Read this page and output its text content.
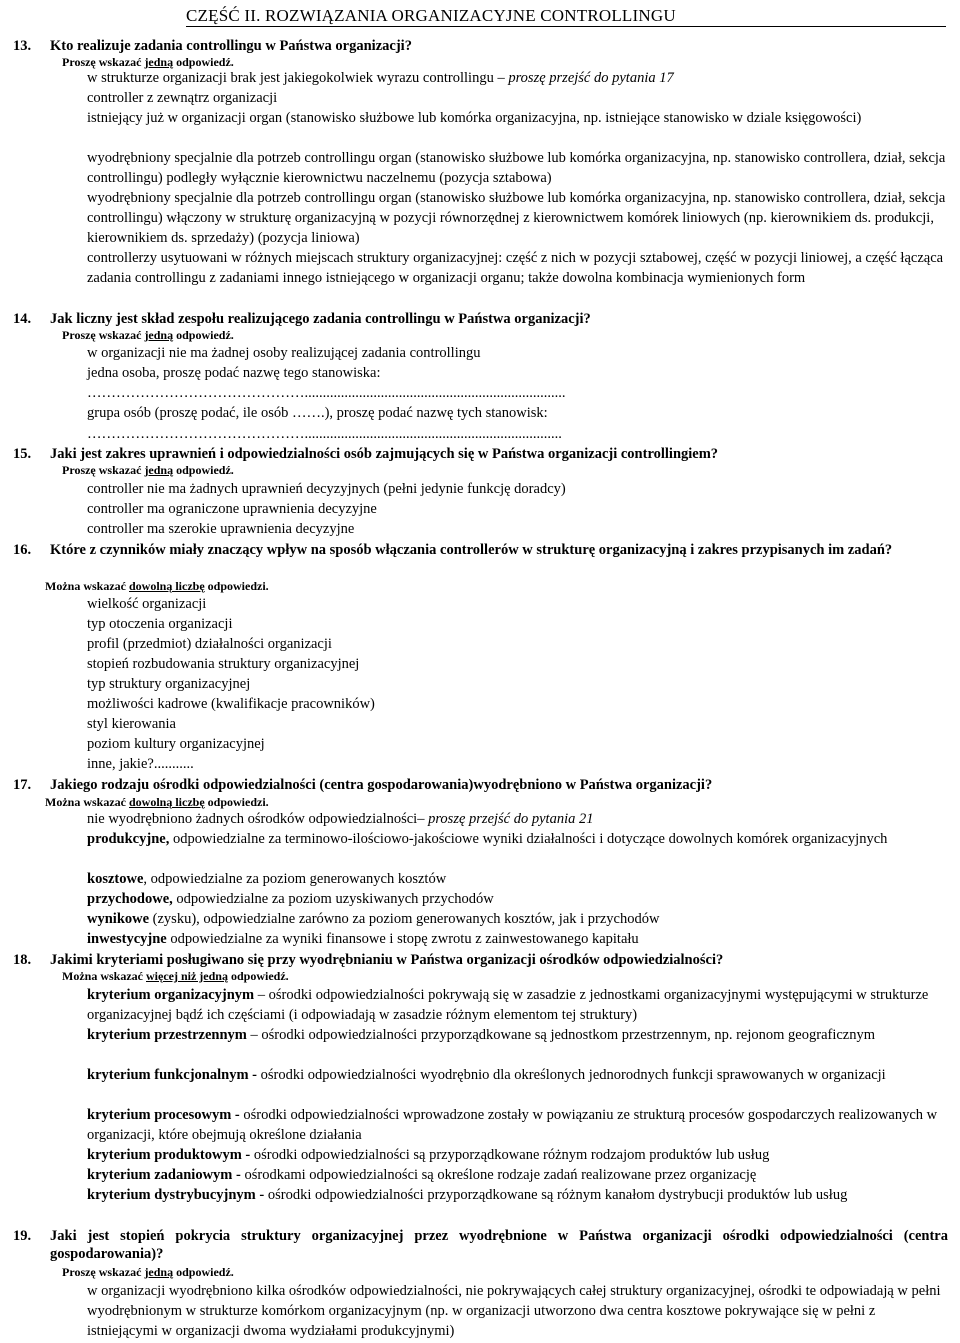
CZĘŚĆ II. ROZWIĄZANIA ORGANIZACYJNE CONTROLLINGU
13. Kto realizuje zadania controllingu w Państwa organizacji?
Proszę wskazać jedną odpowiedź.
w strukturze organizacji brak jest jakiegokolwiek wyrazu controllingu – proszę przejść do pytania 17
controller z zewnątrz organizacji
istniejący już w organizacji organ (stanowisko służbowe lub komórka organizacyjna, np. istniejące stanowisko w dziale księgowości)
wyodrębniony specjalnie dla potrzeb controllingu organ (stanowisko służbowe lub komórka organizacyjna, np. stanowisko controllera, dział, sekcja controllingu) podległy wyłącznie kierownictwu naczelnemu (pozycja sztabowa)
wyodrębniony specjalnie dla potrzeb controllingu organ (stanowisko służbowe lub komórka organizacyjna, np. stanowisko controllera, dział, sekcja controllingu) włączony w strukturę organizacyjną w pozycji równorzędnej z kierownictwem komórek liniowych (np. kierownikiem ds. produkcji, kierownikiem ds. sprzedaży) (pozycja liniowa)
controllerzy usytuowani w różnych miejscach struktury organizacyjnej: część z nich w pozycji sztabowej, część w pozycji liniowej, a część łącząca zadania controllingu z zadaniami innego istniejącego w organizacji organu; także dowolna kombinacja wymienionych form
14. Jak liczny jest skład zespołu realizującego zadania controllingu w Państwa organizacji?
Proszę wskazać jedną odpowiedź.
w organizacji nie ma żadnej osoby realizującej zadania controllingu
jedna osoba, proszę podać nazwę tego stanowiska:
………………………………………........................................................................
grupa osób (proszę podać, ile osób …….), proszę podać nazwę tych stanowisk:
……………………………………….......................................................................
15. Jaki jest zakres uprawnień i odpowiedzialności osób zajmujących się w Państwa organizacji controllingiem?
Proszę wskazać jedną odpowiedź.
controller nie ma żadnych uprawnień decyzyjnych (pełni jedynie funkcję doradcy)
controller ma ograniczone uprawnienia decyzyjne
controller ma szerokie uprawnienia decyzyjne
16. Które z czynników miały znaczący wpływ na sposób włączania controllerów w strukturę organizacyjną i zakres przypisanych im zadań?
Można wskazać dowolną liczbę odpowiedzi.
wielkość organizacji
typ otoczenia organizacji
profil (przedmiot) działalności organizacji
stopień rozbudowania struktury organizacyjnej
typ struktury organizacyjnej
możliwości kadrowe (kwalifikacje pracowników)
styl kierowania
poziom kultury organizacyjnej
inne, jakie?...........
17. Jakiego rodzaju ośrodki odpowiedzialności (centra gospodarowania)wyodrębniono w Państwa organizacji?
Można wskazać dowolną liczbę odpowiedzi.
nie wyodrębniono żadnych ośrodków odpowiedzialności– proszę przejść do pytania 21
produkcyjne, odpowiedzialne za terminowo-ilościowo-jakościowe wyniki działalności i dotyczące dowolnych komórek organizacyjnych
kosztowe, odpowiedzialne za poziom generowanych kosztów
przychodowe, odpowiedzialne za poziom uzyskiwanych przychodów
wynikowe (zysku), odpowiedzialne zarówno za poziom generowanych kosztów, jak i przychodów
inwestycyjne odpowiedzialne za wyniki finansowe i stopę zwrotu z zainwestowanego kapitału
18. Jakimi kryteriami posługiwano się przy wyodrębnianiu w Państwa organizacji ośrodków odpowiedzialności?
Można wskazać więcej niż jedną odpowiedź.
kryterium organizacyjnym – ośrodki odpowiedzialności pokrywają się w zasadzie z jednostkami organizacyjnymi występującymi w strukturze organizacyjnej bądź ich częściami (i odpowiadają w zasadzie różnym elementom tej struktury)
kryterium przestrzennym – ośrodki odpowiedzialności przyporządkowane są jednostkom przestrzennym, np. rejonom geograficznym
kryterium funkcjonalnym - ośrodki odpowiedzialności wyodrębnio dla określonych jednorodnych funkcji sprawowanych w organizacji
kryterium procesowym - ośrodki odpowiedzialności wprowadzone zostały w powiązaniu ze strukturą procesów gospodarczych realizowanych w organizacji, które obejmują określone działania
kryterium produktowym - ośrodki odpowiedzialności są przyporządkowane różnym rodzajom produktów lub usług
kryterium zadaniowym - ośrodkami odpowiedzialności są określone rodzaje zadań realizowane przez organizację
kryterium dystrybucyjnym - ośrodki odpowiedzialności przyporządkowane są różnym kanałom dystrybucji produktów lub usług
19. Jaki jest stopień pokrycia struktury organizacyjnej przez wyodrębnione w Państwa organizacji ośrodki odpowiedzialności (centra gospodarowania)?
Proszę wskazać jedną odpowiedź.
w organizacji wyodrębniono kilka ośrodków odpowiedzialności, nie pokrywających całej struktury organizacyjnej, ośrodki te odpowiadają w pełni wyodrębnionym w strukturze komórkom organizacyjnym (np. w organizacji utworzono dwa centra kosztowe pokrywające się w pełni z istniejącymi w organizacji dwoma wydziałami produkcyjnymi)
